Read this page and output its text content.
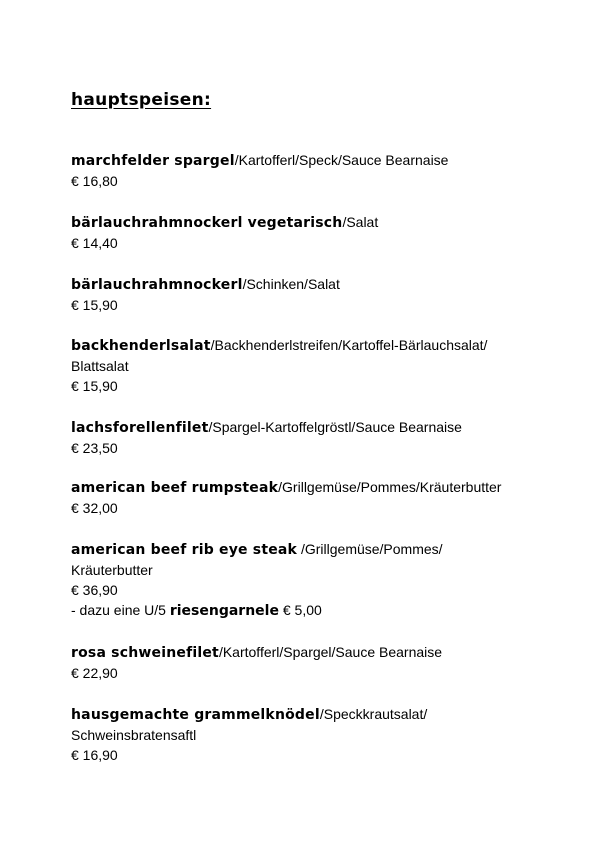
hauptspeisen:
marchfelder spargel/Kartofferl/Speck/Sauce Bearnaise
€ 16,80
bärlauchrahmnockerl vegetarisch/Salat
€ 14,40
bärlauchrahmnockerl/Schinken/Salat
€ 15,90
backhenderlsalat/Backhenderlstreifen/Kartoffel-Bärlauchsalat/
Blattsalat
€ 15,90
lachsforellenfilet/Spargel-Kartoffelgröstl/Sauce Bearnaise
€ 23,50
american beef rumpsteak/Grillgemüse/Pommes/Kräuterbutter
€ 32,00
american beef rib eye steak /Grillgemüse/Pommes/
Kräuterbutter
€ 36,90
- dazu eine U/5 riesengarnele € 5,00
rosa schweinefilet/Kartofferl/Spargel/Sauce Bearnaise
€ 22,90
hausgemachte grammelknödel/Speckkrautsalat/
Schweinsbratensaftl
€ 16,90
